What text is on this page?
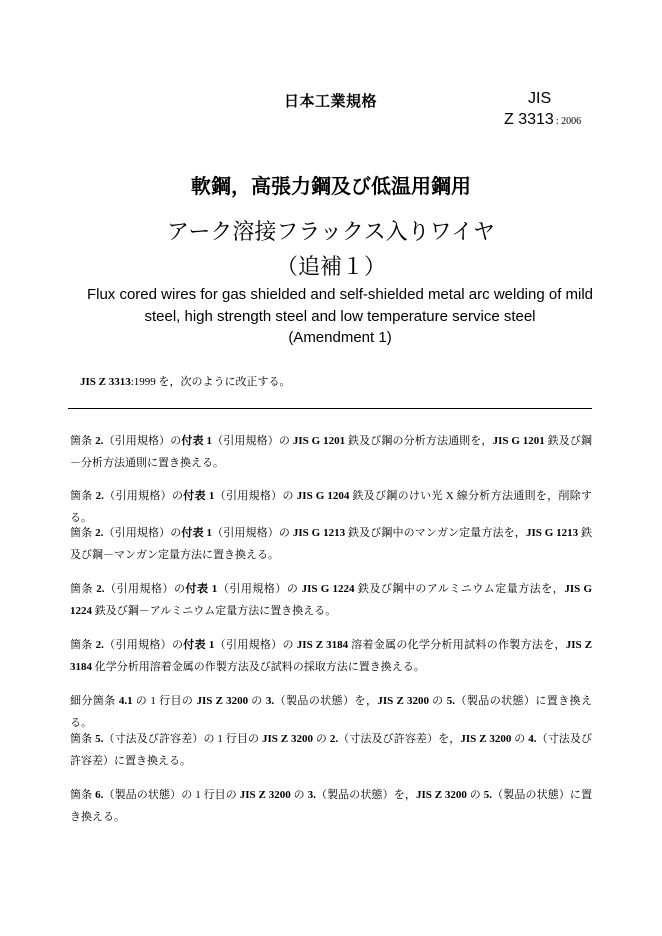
日本工業規格	JIS
Z 3313 : 2006
軟鋼，高張力鋼及び低温用鋼用
アーク溶接フラックス入りワイヤ
（追補１）
Flux cored wires for gas shielded and self-shielded metal arc welding of mild
steel, high strength steel and low temperature service steel
(Amendment 1)
JIS Z 3313:1999 を，次のように改正する。

箇条 2.（引用規格）の付表 1（引用規格）の JIS G 1201 鉄及び鋼の分析方法通則を，JIS G 1201 鉄及び鋼－分析方法通則に置き換える。

箇条 2.（引用規格）の付表 1（引用規格）の JIS G 1204 鉄及び鋼のけい光 X 線分析方法通則を，削除する。

箇条 2.（引用規格）の付表 1（引用規格）の JIS G 1213 鉄及び鋼中のマンガン定量方法を，JIS G 1213 鉄及び鋼－マンガン定量方法に置き換える。

箇条 2.（引用規格）の付表 1（引用規格）の JIS G 1224 鉄及び鋼中のアルミニウム定量方法を，JIS G 1224 鉄及び鋼－アルミニウム定量方法に置き換える。

箇条 2.（引用規格）の付表 1（引用規格）の JIS Z 3184 溶着金属の化学分析用試料の作製方法を，JIS Z 3184 化学分析用溶着金属の作製方法及び試料の採取方法に置き換える。

細分箇条 4.1 の 1 行目の JIS Z 3200 の 3.（製品の状態）を，JIS Z 3200 の 5.（製品の状態）に置き換える。

箇条 5.（寸法及び許容差）の 1 行目の JIS Z 3200 の 2.（寸法及び許容差）を，JIS Z 3200 の 4.（寸法及び許容差）に置き換える。

箇条 6.（製品の状態）の 1 行目の JIS Z 3200 の 3.（製品の状態）を，JIS Z 3200 の 5.（製品の状態）に置き換える。
